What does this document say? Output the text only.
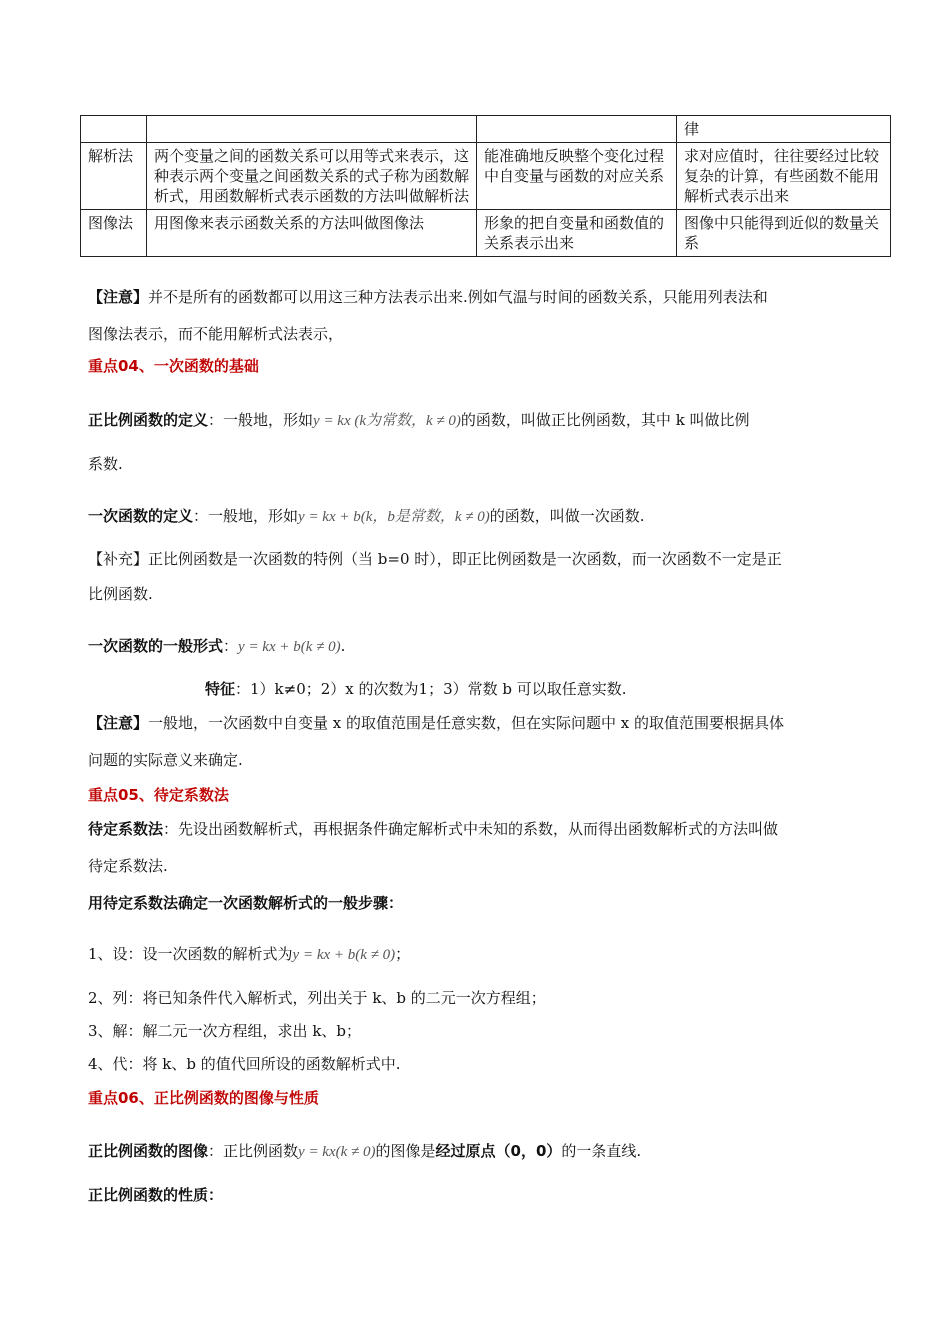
			律
解析法	两个变量之间的函数关系可以用等式来表示，这种表示两个变量之间函数关系的式子称为函数解析式，用函数解析式表示函数的方法叫做解析法	能准确地反映整个变化过程中自变量与函数的对应关系	求对应值时，往往要经过比较复杂的计算，有些函数不能用解析式表示出来
图像法	用图像来表示函数关系的方法叫做图像法	形象的把自变量和函数值的关系表示出来	图像中只能得到近似的数量关系
【注意】并不是所有的函数都可以用这三种方法表示出来.例如气温与时间的函数关系，只能用列表法和
图像法表示，而不能用解析式法表示，
重点04、一次函数的基础
正比例函数的定义：一般地，形如y = kx (k为常数，k ≠ 0)的函数，叫做正比例函数，其中 k 叫做比例
系数.
一次函数的定义：一般地，形如y = kx + b(k，b是常数，k ≠ 0)的函数，叫做一次函数.
【补充】正比例函数是一次函数的特例（当 b=0 时），即正比例函数是一次函数，而一次函数不一定是正
比例函数.
一次函数的一般形式：y = kx + b(k ≠ 0).
特征：1）k≠0；2）x 的次数为1；3）常数 b 可以取任意实数.
【注意】一般地，一次函数中自变量 x 的取值范围是任意实数，但在实际问题中 x 的取值范围要根据具体
问题的实际意义来确定.
重点05、待定系数法
待定系数法：先设出函数解析式，再根据条件确定解析式中未知的系数，从而得出函数解析式的方法叫做
待定系数法.
用待定系数法确定一次函数解析式的一般步骤：
1、设：设一次函数的解析式为y = kx + b(k ≠ 0)；
2、列：将已知条件代入解析式，列出关于 k、b 的二元一次方程组；
3、解：解二元一次方程组，求出 k、b；
4、代：将 k、b 的值代回所设的函数解析式中.
重点06、正比例函数的图像与性质
正比例函数的图像：正比例函数y = kx(k ≠ 0)的图像是经过原点（0，0）的一条直线.
正比例函数的性质：
